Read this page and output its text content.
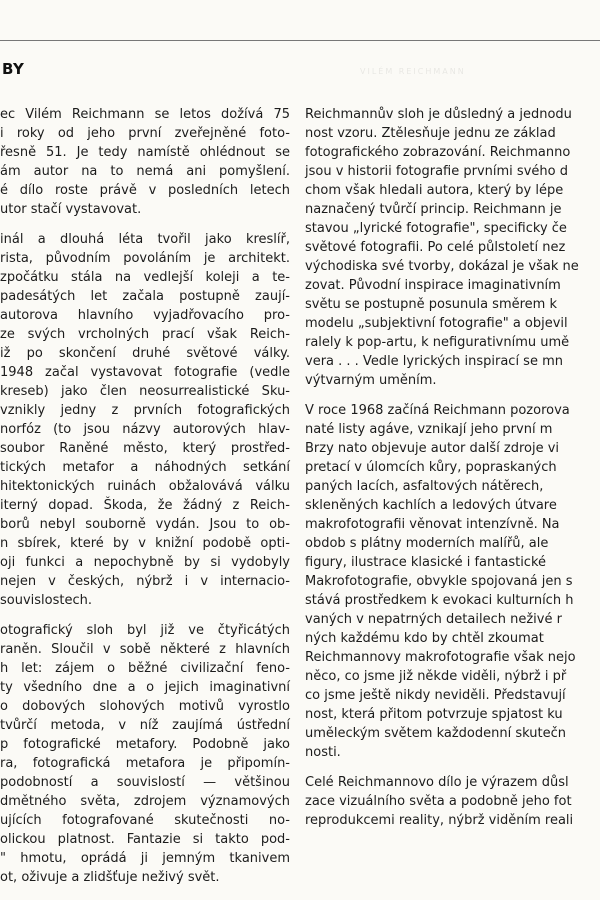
BY	VILÉM REICHMANN
ec Vilém Reichmann se letos dožívá 75
i roky od jeho první zveřejněné foto-
řesně 51. Je tedy namístě ohlédnout se
ám autor na to nemá ani pomyšlení.
é dílo roste právě v posledních letech
utor stačí vystavovat.
inál a dlouhá léta tvořil jako kreslíř,
rista, původním povoláním je architekt.
zpočátku stála na vedlejší koleji a te-
padesátých let začala postupně zaují-
autorova hlavního vyjadřovacího pro-
ze svých vrcholných prací však Reich-
iž po skončení druhé světové války.
1948 začal vystavovat fotografie (vedle
kreseb) jako člen neosurrealistické Sku-
vznikly jedny z prvních fotografických
norfóz (to jsou názvy autorových hlav-
soubor Raněné město, který prostřed-
tických metafor a náhodných setkání
hitektonických ruinách obžalovává válku
iterný dopad. Škoda, že žádný z Reich-
borů nebyl souborně vydán. Jsou to ob-
n sbírek, které by v knižní podobě opti-
oji funkci a nepochybně by si vydobyly
nejen v českých, nýbrž i v internacio-
souvislostech.
otografický sloh byl již ve čtyřicátých
raněn. Sloučil v sobě některé z hlavních
h let: zájem o běžné civilizační feno-
ty všedního dne a o jejich imaginativní
o dobových slohových motivů vyrostlo
tvůrčí metoda, v níž zaujímá ústřední
p fotografické metafory. Podobně jako
ra, fotografická metafora je připomín-
podobností a souvislostí — většinou
dmětného světa, zdrojem významových
ujících fotografované skutečnosti no-
olickou platnost. Fantazie si takto pod-
" hmotu, oprádá ji jemným tkanivem
ot, oživuje a zlidšťuje neživý svět.
Reichmannův sloh je důsledný a jednodu
nost vzoru. Ztělesňuje jednu ze základ
fotografického zobrazování. Reichmanno
jsou v historii fotografie prvními svého d
chom však hledali autora, který by lépe
naznačený tvůrčí princip. Reichmann je
stavou „lyrické fotografie", specificky če
světové fotografii. Po celé půlstoletí nez
východiska své tvorby, dokázal je však ne
zovat. Původní inspirace imaginativním
světu se postupně posunula směrem k
modelu „subjektivní fotografie" a objevil
ralely k pop-artu, k nefigurativnímu umě
vera . . . Vedle lyrických inspirací se mn
výtvarným uměním.
V roce 1968 začíná Reichmann pozorova
naté listy agáve, vznikají jeho první m
Brzy nato objevuje autor další zdroje vi
pretací v úlomcích kůry, popraskaných
paných lacích, asfaltových nátěrech,
skleněných kachlích a ledových útvare
makrofotografii věnovat intenzívně. Na
obdob s plátny moderních malířů, ale
figury, ilustrace klasické i fantastické
Makrofotografie, obvykle spojovaná jen s
stává prostředkem k evokaci kulturních h
vaných v nepatrných detailech neživé r
ných každému kdo by chtěl zkoumat
Reichmannovy makrofotografie však nejo
něco, co jsme již někde viděli, nýbrž i př
co jsme ještě nikdy neviděli. Představují
nost, která přitom potvrzuje spjatost ku
uměleckým světem každodenní skutečn
nosti.
Celé Reichmannovo dílo je výrazem důsl
zace vizuálního světa a podobně jeho fot
reprodukcemi reality, nýbrž viděním reali
